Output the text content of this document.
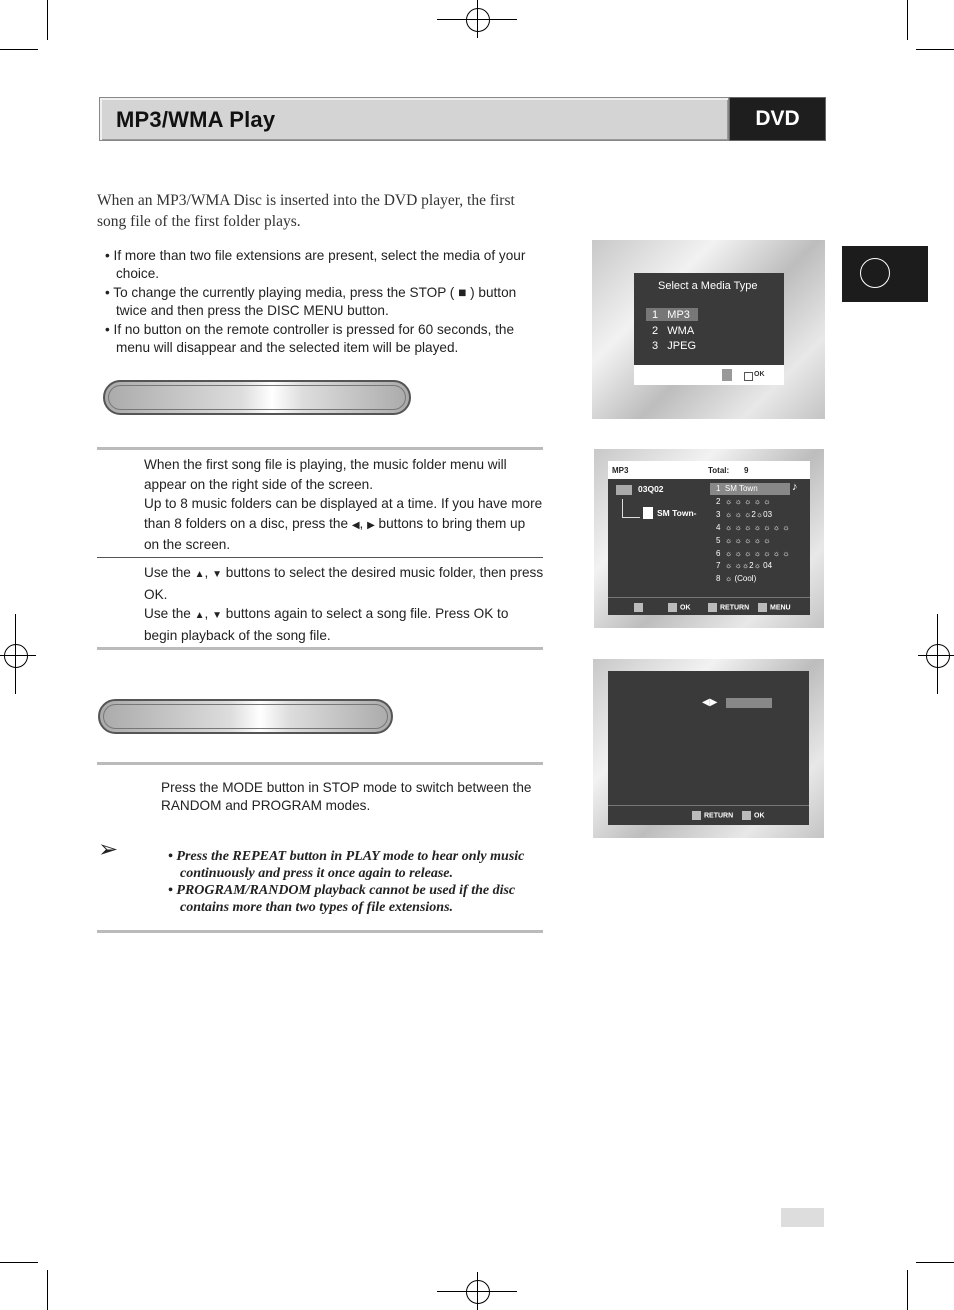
MP3/WMA Play	DVD
When an MP3/WMA Disc is inserted into the DVD player, the first song file of the first folder plays.
• If more than two file extensions are present, select the media of your choice.
• To change the currently playing media, press the STOP ( ■ ) button twice and then press the DISC MENU button.
• If no button on the remote controller is pressed for 60 seconds, the menu will disappear and the selected item will be played.
When the first song file is playing, the music folder menu will appear on the right side of the screen.
Up to 8 music folders can be displayed at a time. If you have more than 8 folders on a disc, press the ◀, ▶ buttons to bring them up on the screen.
Use the ▲, ▼ buttons to select the desired music folder, then press OK.
Use the ▲, ▼ buttons again to select a song file. Press OK to begin playback of the song file.
Press the MODE button in STOP mode to switch between the RANDOM and PROGRAM modes.
➢
•	Press the REPEAT button in PLAY mode to hear only music continuously and press it once again to release.
• PROGRAM/RANDOM playback cannot be used if the disc contains more than two types of file extensions.
Select a Media Type
1 MP3
2 WMA
3 JPEG
OK
MP3	Total: 9
03Q02
SM Town-
♪
1 SM Town
2 ☼ ☼ ☼ ☼ ☼
3 ☼ ☼ ☼2☼03
4 ☼ ☼ ☼ ☼ ☼ ☼ ☼
5 ☼ ☼ ☼ ☼ ☼
6 ☼ ☼ ☼ ☼ ☼ ☼ ☼
7 ☼ ☼☼2☼ 04
8 ☼ (Cool)
OK	RETURN	MENU
◀▶
RETURN	OK
